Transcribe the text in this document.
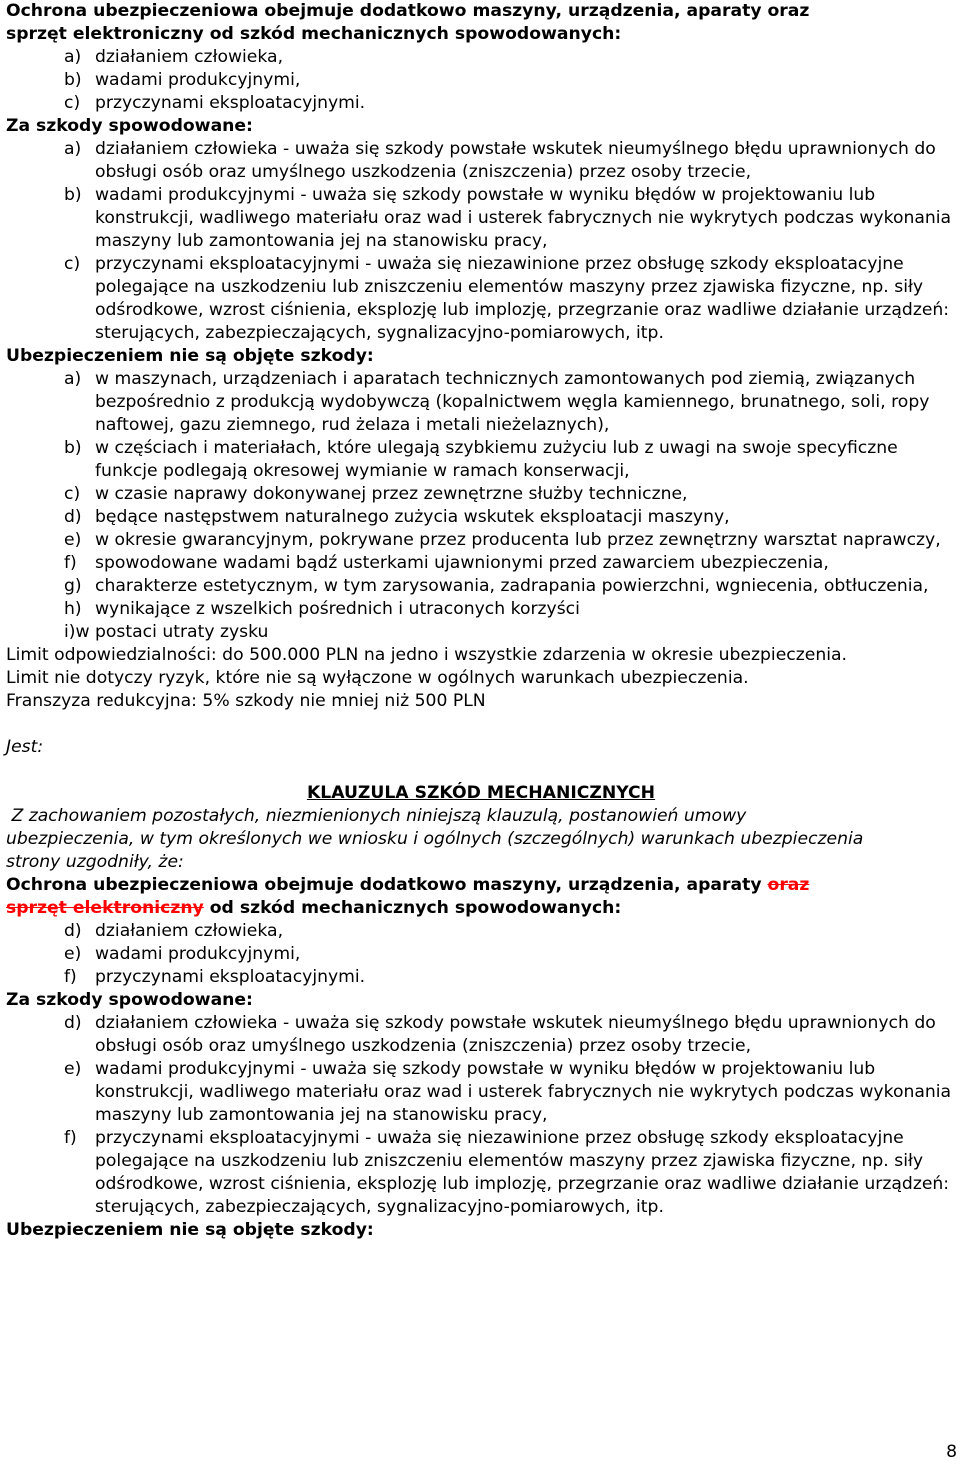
Ochrona ubezpieczeniowa obejmuje dodatkowo maszyny, urządzenia, aparaty oraz

sprzęt elektroniczny od szkód mechanicznych spowodowanych:

a) działaniem człowieka,
b) wadami produkcyjnymi,
c) przyczynami eksploatacyjnymi.

Za szkody spowodowane:

a) działaniem człowieka - uważa się szkody powstałe wskutek nieumyślnego błędu uprawnionych do obsługi osób oraz umyślnego uszkodzenia (zniszczenia) przez osoby trzecie,
b) wadami produkcyjnymi - uważa się szkody powstałe w wyniku błędów w projektowaniu lub konstrukcji, wadliwego materiału oraz wad i usterek fabrycznych nie wykrytych podczas wykonania maszyny lub zamontowania jej na stanowisku pracy,
c) przyczynami eksploatacyjnymi - uważa się niezawinione przez obsługę szkody eksploatacyjne polegające na uszkodzeniu lub zniszczeniu elementów maszyny przez zjawiska fizyczne, np. siły odśrodkowe, wzrost ciśnienia, eksplozję lub implozję, przegrzanie oraz wadliwe działanie urządzeń: sterujących, zabezpieczających, sygnalizacyjno-pomiarowych, itp.

Ubezpieczeniem nie są objęte szkody:

a) w maszynach, urządzeniach i aparatach technicznych zamontowanych pod ziemią, związanych bezpośrednio z produkcją wydobywczą (kopalnictwem węgla kamiennego, brunatnego, soli, ropy naftowej, gazu ziemnego, rud żelaza i metali nieżelaznych),
b) w częściach i materiałach, które ulegają szybkiemu zużyciu lub z uwagi na swoje specyficzne funkcje podlegają okresowej wymianie w ramach konserwacji,
c) w czasie naprawy dokonywanej przez zewnętrzne służby techniczne,
d) będące następstwem naturalnego zużycia wskutek eksploatacji maszyny,
e) w okresie gwarancyjnym, pokrywane przez producenta lub przez zewnętrzny warsztat naprawczy,
f)	spowodowane wadami bądź usterkami ujawnionymi przed zawarciem ubezpieczenia,
g) charakterze estetycznym, w tym zarysowania, zadrapania powierzchni, wgniecenia, obtłuczenia,
h) wynikające z wszelkich pośrednich i utraconych korzyści
i) w postaci utraty zysku

Limit odpowiedzialności: do 500.000 PLN na jedno i wszystkie zdarzenia w okresie ubezpieczenia.

Limit nie dotyczy ryzyk, które nie są wyłączone w ogólnych warunkach ubezpieczenia.

Franszyza redukcyjna: 5% szkody nie mniej niż 500 PLN

Jest:

KLAUZULA SZKÓD MECHANICZNYCH

Z zachowaniem pozostałych, niezmienionych niniejszą klauzulą, postanowień umowy

ubezpieczenia, w tym określonych we wniosku i ogólnych (szczególnych) warunkach ubezpieczenia

strony uzgodniły, że:

Ochrona ubezpieczeniowa obejmuje dodatkowo maszyny, urządzenia, aparaty oraz

sprzęt elektroniczny od szkód mechanicznych spowodowanych:

d) działaniem człowieka,
e) wadami produkcyjnymi,
f)	przyczynami eksploatacyjnymi.

Za szkody spowodowane:

d) działaniem człowieka - uważa się szkody powstałe wskutek nieumyślnego błędu uprawnionych do obsługi osób oraz umyślnego uszkodzenia (zniszczenia) przez osoby trzecie,
e) wadami produkcyjnymi - uważa się szkody powstałe w wyniku błędów w projektowaniu lub konstrukcji, wadliwego materiału oraz wad i usterek fabrycznych nie wykrytych podczas wykonania maszyny lub zamontowania jej na stanowisku pracy,
f)	przyczynami eksploatacyjnymi - uważa się niezawinione przez obsługę szkody eksploatacyjne polegające na uszkodzeniu lub zniszczeniu elementów maszyny przez zjawiska fizyczne, np. siły odśrodkowe, wzrost ciśnienia, eksplozję lub implozję, przegrzanie oraz wadliwe działanie urządzeń: sterujących, zabezpieczających, sygnalizacyjno-pomiarowych, itp.

Ubezpieczeniem nie są objęte szkody:

8
